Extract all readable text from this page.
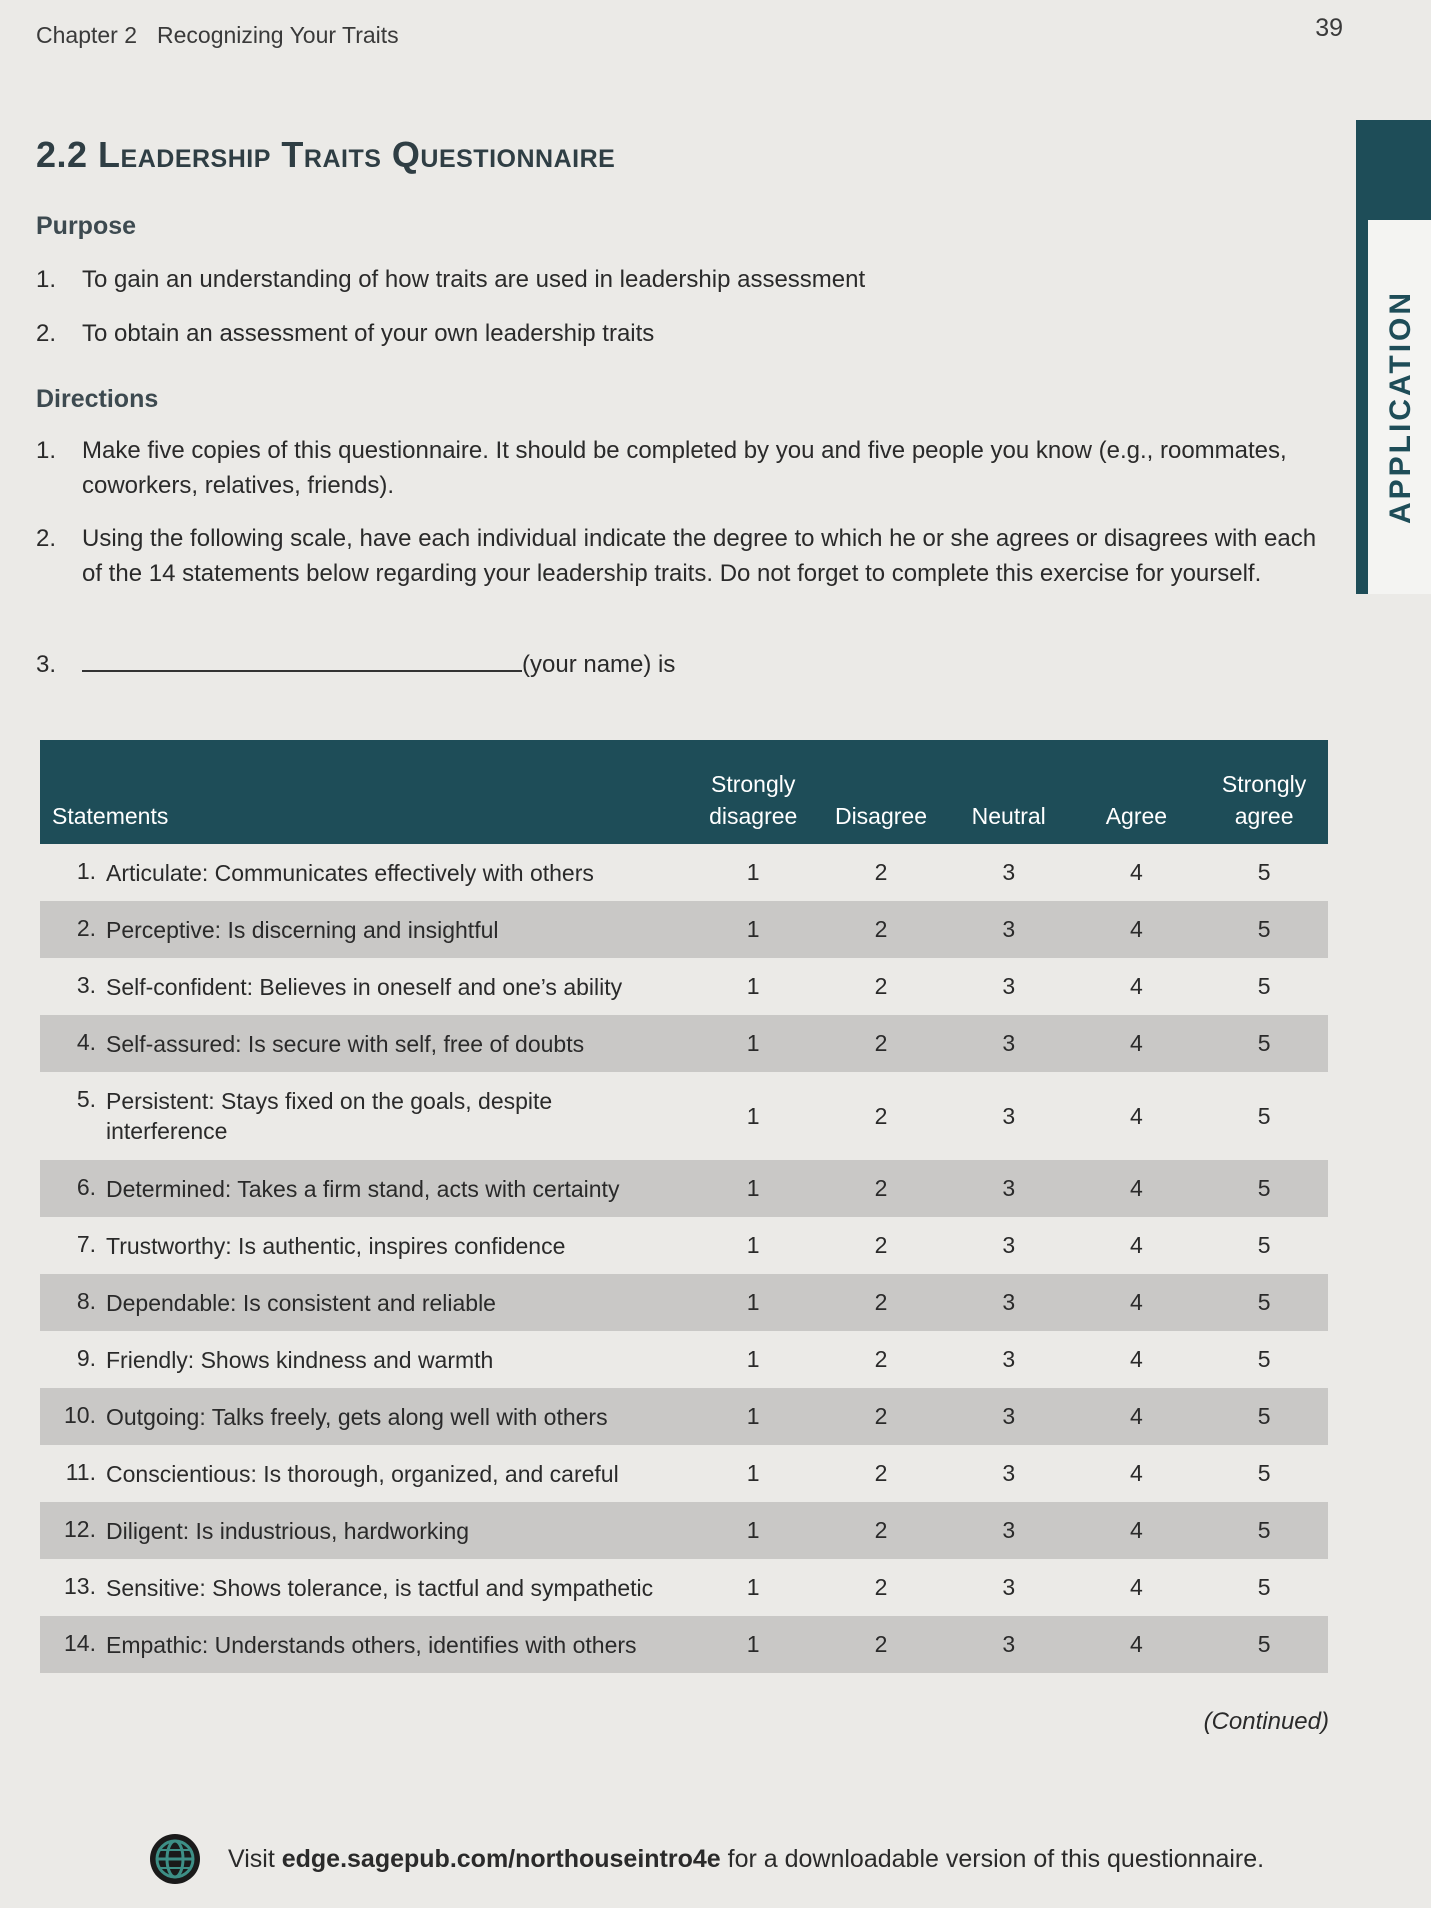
Chapter 2 Recognizing Your Traits	39
2.2 Leadership Traits Questionnaire
APPLICATION
Purpose
1. To gain an understanding of how traits are used in leadership assessment
2. To obtain an assessment of your own leadership traits
Directions
1. Make five copies of this questionnaire. It should be completed by you and five people you know (e.g., roommates, coworkers, relatives, friends).
2. Using the following scale, have each individual indicate the degree to which he or she agrees or disagrees with each of the 14 statements below regarding your leadership traits. Do not forget to complete this exercise for yourself.
3.	(your name) is
Statements	Strongly disagree	Disagree	Neutral	Agree	Strongly agree
1. Articulate: Communicates effectively with others	1	2	3	4	5
2. Perceptive: Is discerning and insightful	1	2	3	4	5
3. Self-confident: Believes in oneself and one’s ability	1	2	3	4	5
4. Self-assured: Is secure with self, free of doubts	1	2	3	4	5
5. Persistent: Stays fixed on the goals, despite interference	1	2	3	4	5
6. Determined: Takes a firm stand, acts with certainty	1	2	3	4	5
7. Trustworthy: Is authentic, inspires confidence	1	2	3	4	5
8. Dependable: Is consistent and reliable	1	2	3	4	5
9. Friendly: Shows kindness and warmth	1	2	3	4	5
10. Outgoing: Talks freely, gets along well with others	1	2	3	4	5
11. Conscientious: Is thorough, organized, and careful	1	2	3	4	5
12. Diligent: Is industrious, hardworking	1	2	3	4	5
13. Sensitive: Shows tolerance, is tactful and sympathetic	1	2	3	4	5
14. Empathic: Understands others, identifies with others	1	2	3	4	5
(Continued)
Visit edge.sagepub.com/northouseintro4e for a downloadable version of this questionnaire.
